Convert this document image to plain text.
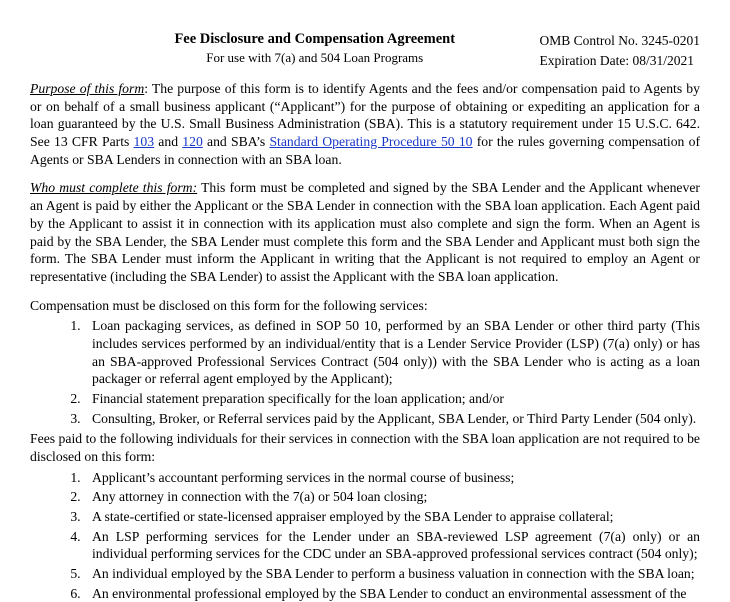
Fee Disclosure and Compensation Agreement
For use with 7(a) and 504 Loan Programs
OMB Control No. 3245-0201
Expiration Date: 08/31/2021

Purpose of this form: The purpose of this form is to identify Agents and the fees and/or compensation paid to Agents by or on behalf of a small business applicant (“Applicant”) for the purpose of obtaining or expediting an application for a loan guaranteed by the U.S. Small Business Administration (SBA). This is a statutory requirement under 15 U.S.C. 642. See 13 CFR Parts 103 and 120 and SBA’s Standard Operating Procedure 50 10 for the rules governing compensation of Agents or SBA Lenders in connection with an SBA loan.

Who must complete this form: This form must be completed and signed by the SBA Lender and the Applicant whenever an Agent is paid by either the Applicant or the SBA Lender in connection with the SBA loan application. Each Agent paid by the Applicant to assist it in connection with its application must also complete and sign the form. When an Agent is paid by the SBA Lender, the SBA Lender must complete this form and the SBA Lender and Applicant must both sign the form. The SBA Lender must inform the Applicant in writing that the Applicant is not required to employ an Agent or representative (including the SBA Lender) to assist the Applicant with the SBA loan application.

Compensation must be disclosed on this form for the following services:

1. Loan packaging services, as defined in SOP 50 10, performed by an SBA Lender or other third party (This includes services performed by an individual/entity that is a Lender Service Provider (LSP) (7(a) only) or has an SBA-approved Professional Services Contract (504 only)) with the SBA Lender who is acting as a loan packager or referral agent employed by the Applicant);
2. Financial statement preparation specifically for the loan application; and/or
3. Consulting, Broker, or Referral services paid by the Applicant, SBA Lender, or Third Party Lender (504 only).

Fees paid to the following individuals for their services in connection with the SBA loan application are not required to be disclosed on this form:

1. Applicant’s accountant performing services in the normal course of business;
2. Any attorney in connection with the 7(a) or 504 loan closing;
3. A state-certified or state-licensed appraiser employed by the SBA Lender to appraise collateral;
4. An LSP performing services for the Lender under an SBA-reviewed LSP agreement (7(a) only) or an individual performing services for the CDC under an SBA-approved professional services contract (504 only);
5. An individual employed by the SBA Lender to perform a business valuation in connection with the SBA loan;
6. An environmental professional employed by the SBA Lender to conduct an environmental assessment of the
